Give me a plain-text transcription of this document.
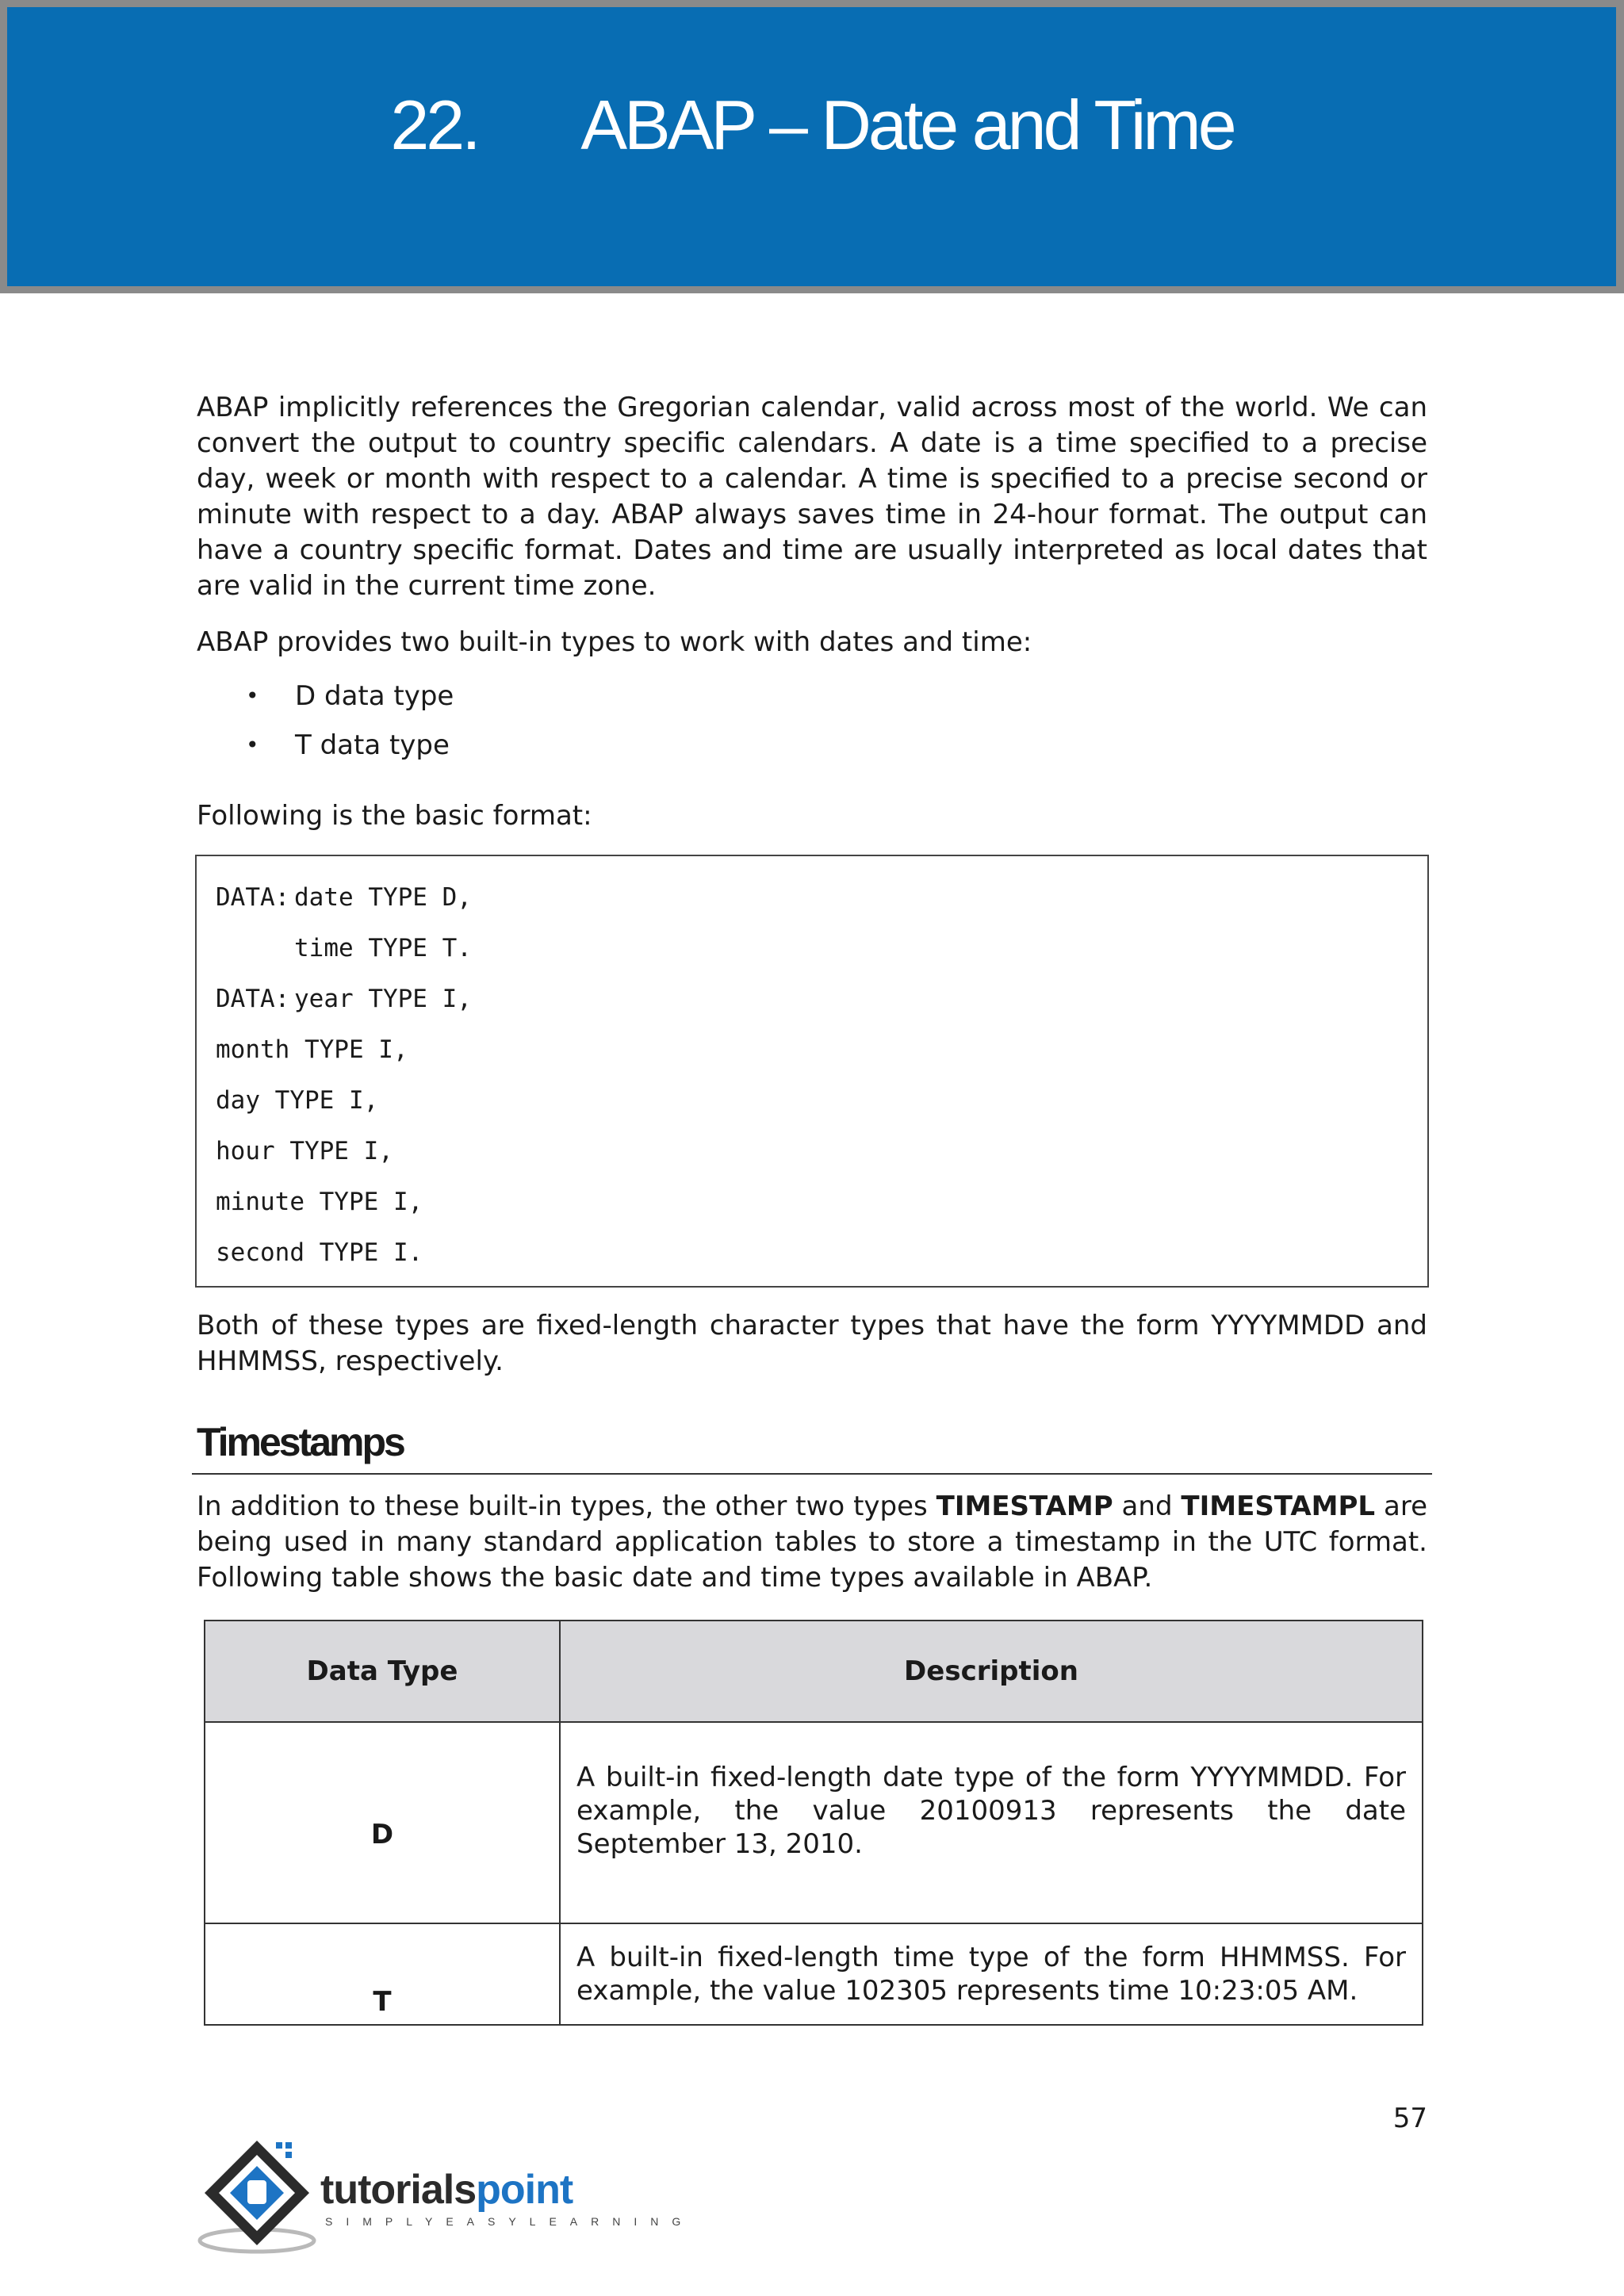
22. ABAP – Date and Time

ABAP implicitly references the Gregorian calendar, valid across most of the world. We can convert the output to country specific calendars. A date is a time specified to a precise day, week or month with respect to a calendar. A time is specified to a precise second or minute with respect to a day. ABAP always saves time in 24-hour format. The output can have a country specific format. Dates and time are usually interpreted as local dates that are valid in the current time zone.

ABAP provides two built-in types to work with dates and time:

• D data type
• T data type

Following is the basic format:

DATA: date TYPE D,
time TYPE T.
DATA: year TYPE I,
month TYPE I,
day TYPE I,
hour TYPE I,
minute TYPE I,
second TYPE I.

Both of these types are fixed-length character types that have the form YYYYMMDD and HHMMSS, respectively.

Timestamps

In addition to these built-in types, the other two types TIMESTAMP and TIMESTAMPL are being used in many standard application tables to store a timestamp in the UTC format. Following table shows the basic date and time types available in ABAP.

Data Type	Description
D	A built-in fixed-length date type of the form YYYYMMDD. For example, the value 20100913 represents the date September 13, 2010.

T	A built-in fixed-length time type of the form HHMMSS. For example, the value 102305 represents time 10:23:05 AM.
57
tutorialspoint
SIMPLYEASYLEARNING
